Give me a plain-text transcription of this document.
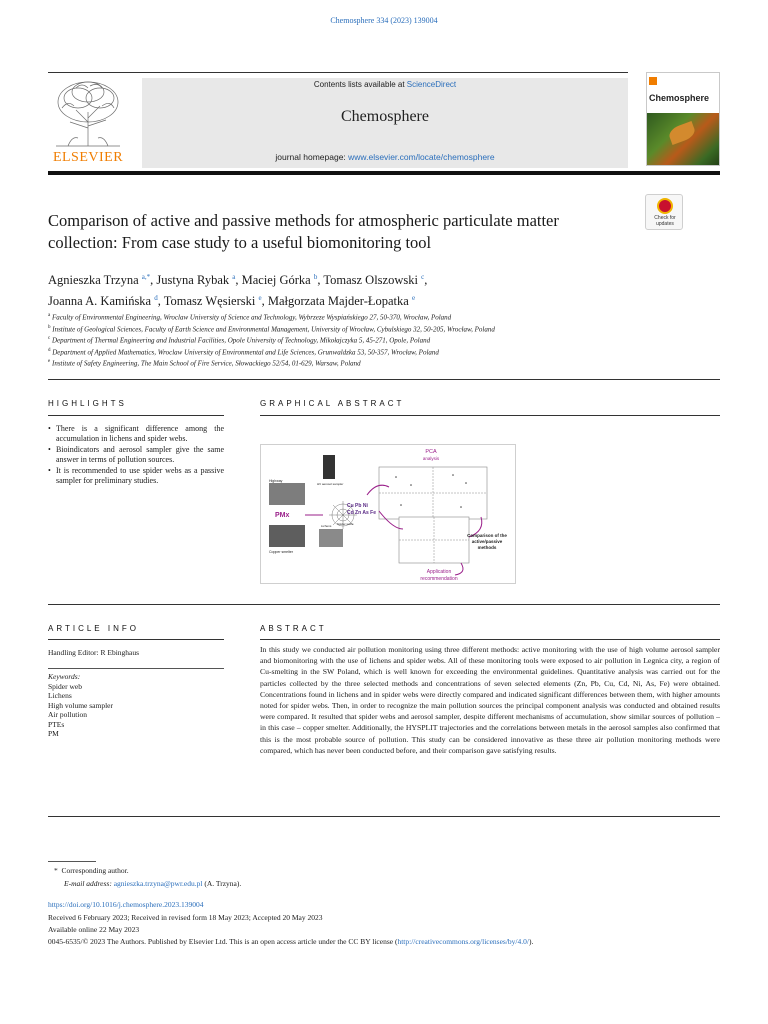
Chemosphere 334 (2023) 139004
ELSEVIER
Contents lists available at ScienceDirect
Chemosphere
journal homepage: www.elsevier.com/locate/chemosphere
Chemosphere
Comparison of active and passive methods for atmospheric particulate matter collection: From case study to a useful biomonitoring tool
Check for updates
Agnieszka Trzyna $^{a,*}$, Justyna Rybak $^a$, Maciej Górka $^b$, Tomasz Olszowski $^c$,
Joanna A. Kamińska $^d$, Tomasz Węsierski $^e$, Małgorzata Majder-Łopatka $^e$
$^a$ Faculty of Environmental Engineering, Wroclaw University of Science and Technology, Wybrzeze Wyspiańskiego 27, 50-370, Wrocław, Poland
$^b$ Institute of Geological Sciences, Faculty of Earth Science and Environmental Management, University of Wrocław, Cybulskiego 32, 50-205, Wrocław, Poland
$^c$ Department of Thermal Engineering and Industrial Facilities, Opole University of Technology, Mikołajczyka 5, 45-271, Opole, Poland
$^d$ Department of Applied Mathematics, Wroclaw University of Environmental and Life Sciences, Grunwaldzka 53, 50-357, Wrocław, Poland
$^e$ Institute of Safety Engineering, The Main School of Fire Service, Słowackiego 52/54, 01-629, Warsaw, Poland
HIGHLIGHTS
• There is a significant difference among the accumulation in lichens and spider webs.
• Bioindicators and aerosol sampler give the same answer in terms of pollution sources.
• It is recommended to use spider webs as a passive sampler for preliminary studies.
GRAPHICAL ABSTRACT
PCA
analysis
Highway
Copper smelter
HV aerosol sampler
Lichens
PMx
Spider webs
Cu Pb Ni
Cd Zn As Fe
Comparison of the
active/passive
methods
Application
recommendation
ARTICLE INFO
Handling Editor: R Ebinghaus
Keywords:
Spider web
Lichens
High volume sampler
Air pollution
PTEs
PM
ABSTRACT
In this study we conducted air pollution monitoring using three different methods: active monitoring with the use of high volume aerosol sampler and biomonitoring with the use of lichens and spider webs. All of these monitoring tools were exposed to air pollution in Legnica city, a region of Cu-smelting in the SW Poland, which is well known for exceeding the environmental guidelines. Quantitative analysis was carried out for the particles collected by the three selected methods and concentrations of seven selected elements (Zn, Pb, Cu, Cd, Ni, As, Fe) were obtained. Concentrations found in lichens and in spider webs were directly compared and indicated significant differences between them, with higher amounts noted for spider webs. Then, in order to recognize the main pollution sources the principal component analysis was conducted and obtained results were compared. It resulted that spider webs and aerosol sampler, despite different mechanisms of accumulation, show similar sources of pollution – in this case – copper smelter. Additionally, the HYSPLIT trajectories and the correlations between metals in the aerosol samples also confirmed that this is the most probable source of pollution. This study can be considered innovative as these three air pollution monitoring methods were compared, which has never been conducted before, and their comparison gave satisfying results.
* Corresponding author.
E-mail address: agnieszka.trzyna@pwr.edu.pl (A. Trzyna).
https://doi.org/10.1016/j.chemosphere.2023.139004
Received 6 February 2023; Received in revised form 18 May 2023; Accepted 20 May 2023
Available online 22 May 2023
0045-6535/© 2023 The Authors. Published by Elsevier Ltd. This is an open access article under the CC BY license (http://creativecommons.org/licenses/by/4.0/).
